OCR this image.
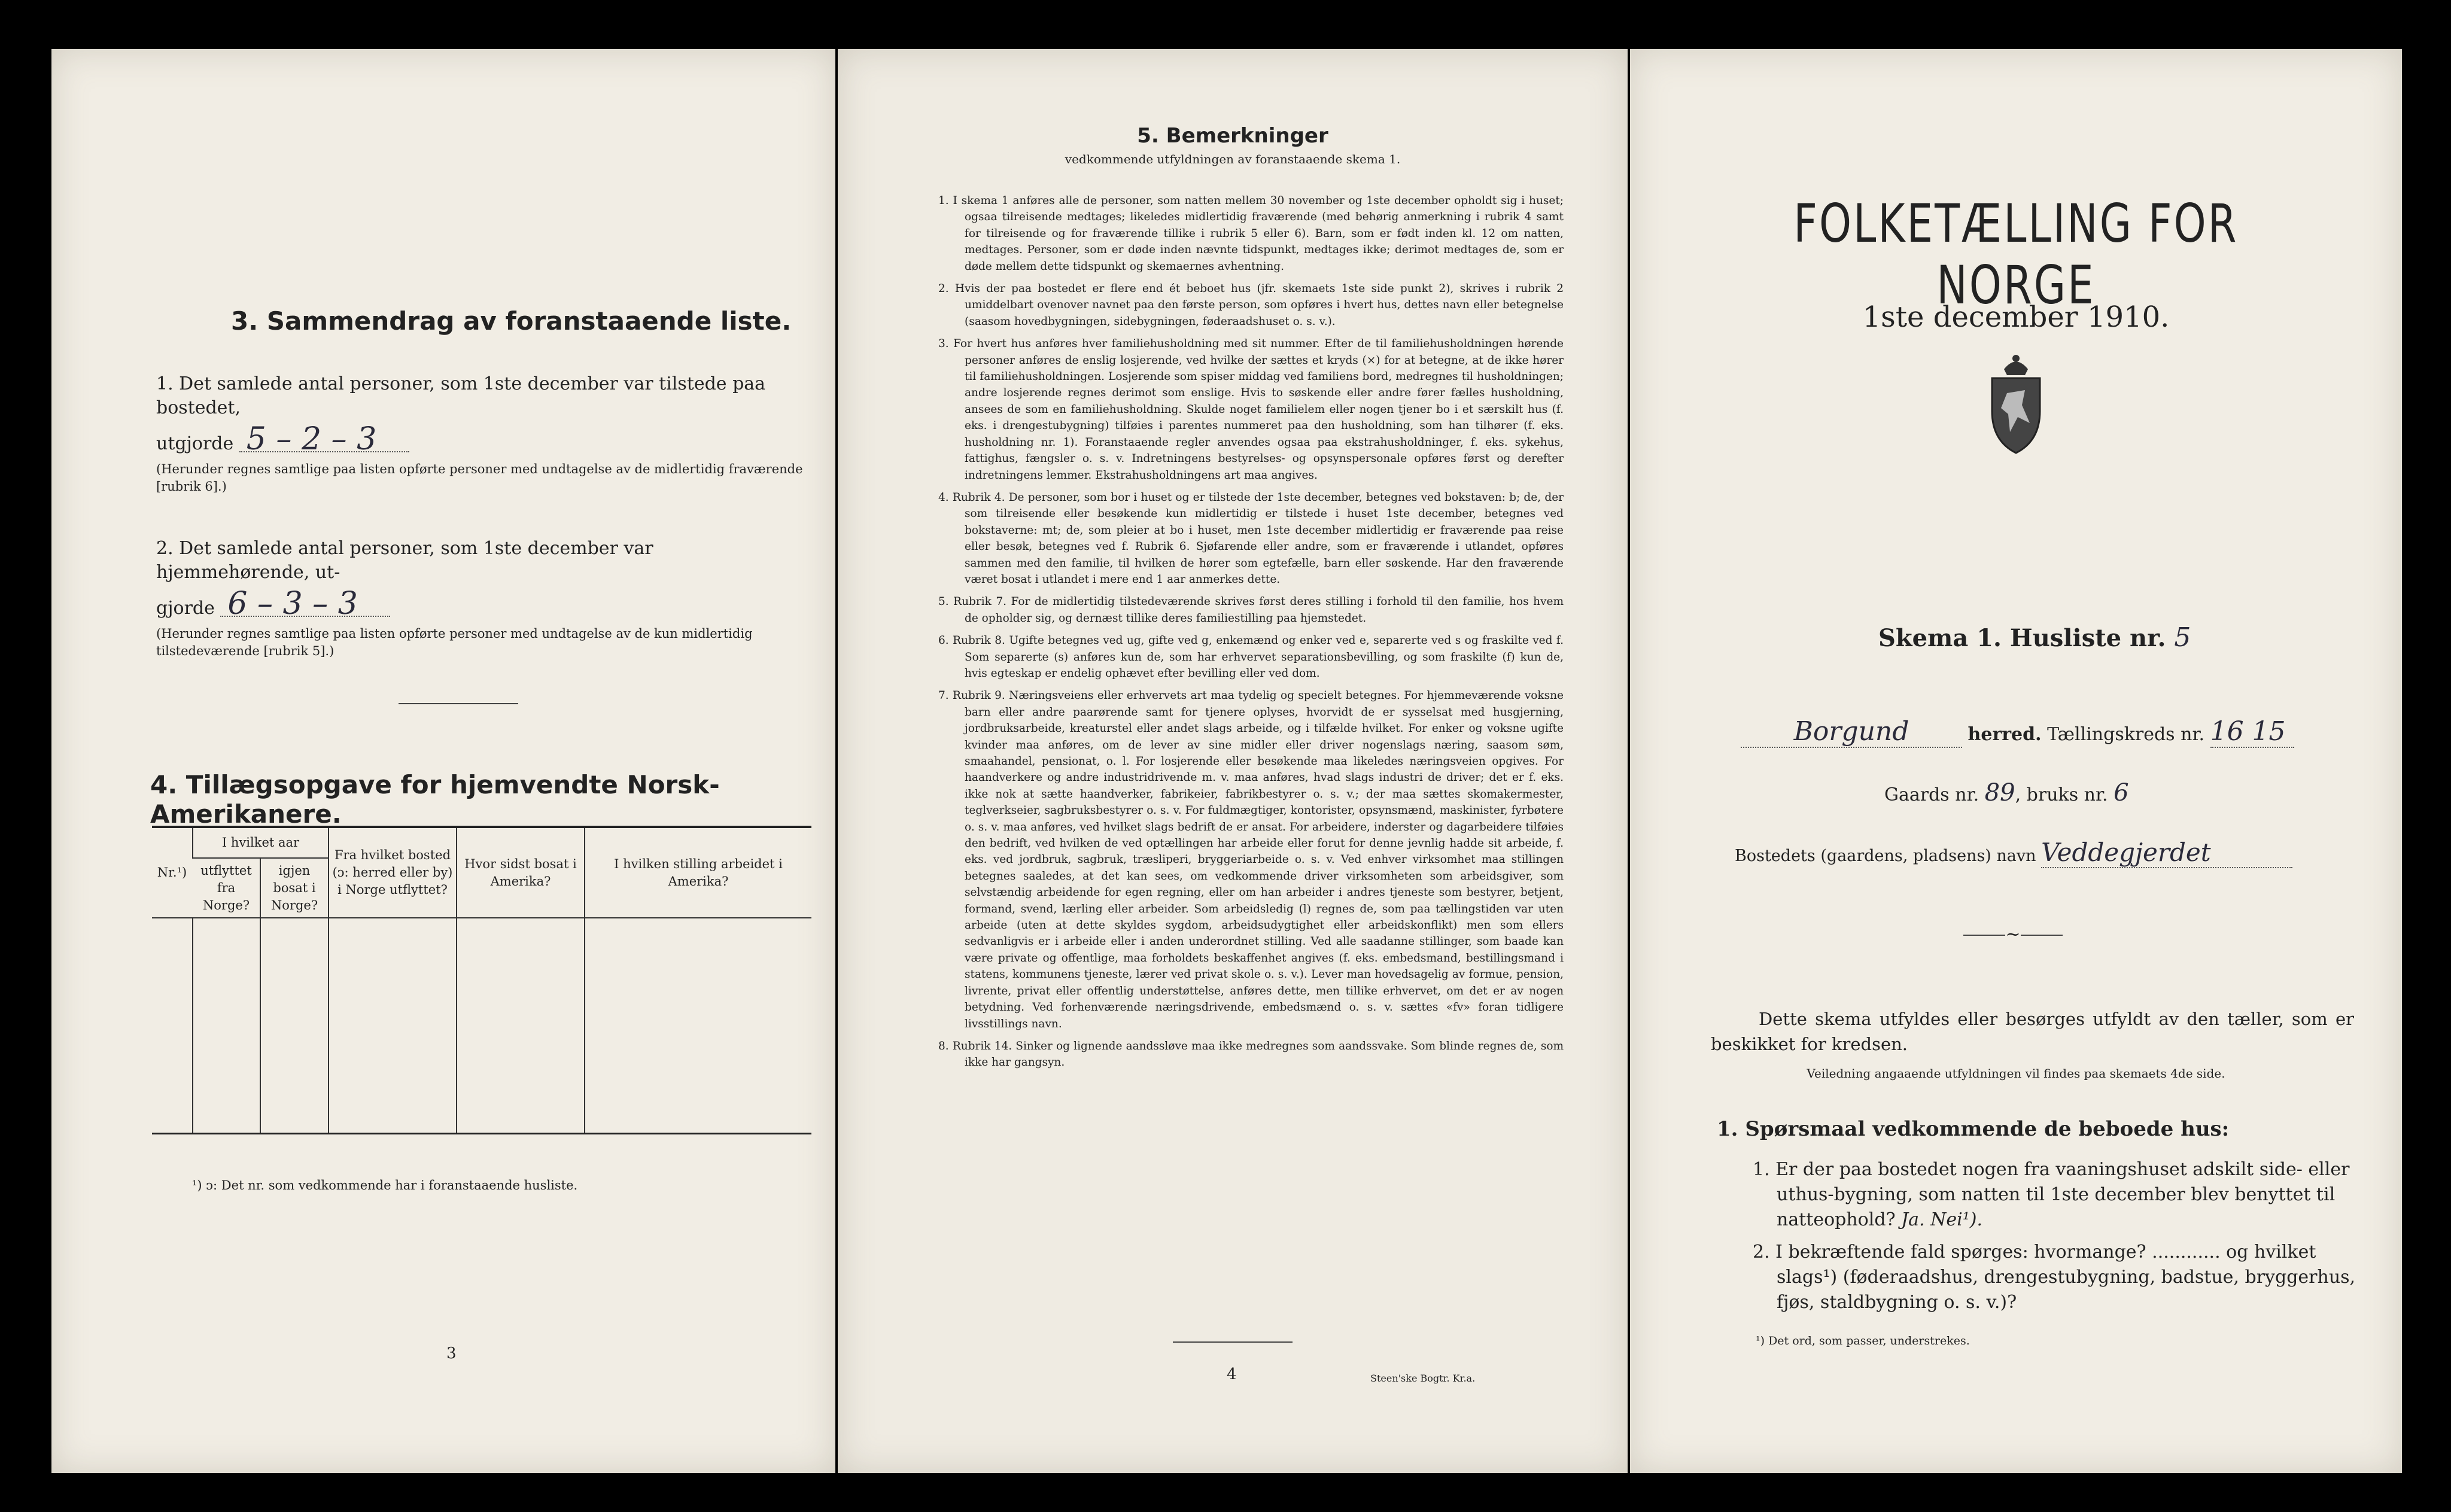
3. Sammendrag av foranstaaende liste.
1. Det samlede antal personer, som 1ste december var tilstede paa bostedet,
utgjorde 5 – 2 – 3
(Herunder regnes samtlige paa listen opførte personer med undtagelse av de midlertidig fraværende [rubrik 6].)
2. Det samlede antal personer, som 1ste december var hjemmehørende, ut-
gjorde 6 – 3 – 3
(Herunder regnes samtlige paa listen opførte personer med undtagelse av de kun midlertidig tilstedeværende [rubrik 5].)
4. Tillægsopgave for hjemvendte Norsk-Amerikanere.
Nr.¹)	I hvilket aar		Fra hvilket bosted (ᴐ: herred eller by) i Norge utflyttet?	Hvor sidst bosat i Amerika?	I hvilken stilling arbeidet i Amerika?
	utflyttet fra Norge?	igjen bosat i Norge?			

¹) ᴐ: Det nr. som vedkommende har i foranstaaende husliste.
3
5. Bemerkninger
vedkommende utfyldningen av foranstaaende skema 1.
1. I skema 1 anføres alle de personer, som natten mellem 30 november og 1ste december opholdt sig i huset; ogsaa tilreisende medtages; likeledes midlertidig fraværende (med behørig anmerkning i rubrik 4 samt for tilreisende og for fraværende tillike i rubrik 5 eller 6). Barn, som er født inden kl. 12 om natten, medtages. Personer, som er døde inden nævnte tidspunkt, medtages ikke; derimot medtages de, som er døde mellem dette tidspunkt og skemaernes avhentning.
2. Hvis der paa bostedet er flere end ét beboet hus (jfr. skemaets 1ste side punkt 2), skrives i rubrik 2 umiddelbart ovenover navnet paa den første person, som opføres i hvert hus, dettes navn eller betegnelse (saasom hovedbygningen, sidebygningen, føderaadshuset o. s. v.).
3. For hvert hus anføres hver familiehusholdning med sit nummer. Efter de til familiehusholdningen hørende personer anføres de enslig losjerende, ved hvilke der sættes et kryds (×) for at betegne, at de ikke hører til familiehusholdningen. Losjerende som spiser middag ved familiens bord, medregnes til husholdningen; andre losjerende regnes derimot som enslige. Hvis to søskende eller andre fører fælles husholdning, ansees de som en familiehusholdning. Skulde noget familielem eller nogen tjener bo i et særskilt hus (f. eks. i drengestubygning) tilføies i parentes nummeret paa den husholdning, som han tilhører (f. eks. husholdning nr. 1). Foranstaaende regler anvendes ogsaa paa ekstrahusholdninger, f. eks. sykehus, fattighus, fængsler o. s. v. Indretningens bestyrelses- og opsynspersonale opføres først og derefter indretningens lemmer. Ekstrahusholdningens art maa angives.
4. Rubrik 4. De personer, som bor i huset og er tilstede der 1ste december, betegnes ved bokstaven: b; de, der som tilreisende eller besøkende kun midlertidig er tilstede i huset 1ste december, betegnes ved bokstaverne: mt; de, som pleier at bo i huset, men 1ste december midlertidig er fraværende paa reise eller besøk, betegnes ved f. Rubrik 6. Sjøfarende eller andre, som er fraværende i utlandet, opføres sammen med den familie, til hvilken de hører som egtefælle, barn eller søskende. Har den fraværende været bosat i utlandet i mere end 1 aar anmerkes dette.
5. Rubrik 7. For de midlertidig tilstedeværende skrives først deres stilling i forhold til den familie, hos hvem de opholder sig, og dernæst tillike deres familiestilling paa hjemstedet.
6. Rubrik 8. Ugifte betegnes ved ug, gifte ved g, enkemænd og enker ved e, separerte ved s og fraskilte ved f. Som separerte (s) anføres kun de, som har erhvervet separationsbevilling, og som fraskilte (f) kun de, hvis egteskap er endelig ophævet efter bevilling eller ved dom.
7. Rubrik 9. Næringsveiens eller erhvervets art maa tydelig og specielt betegnes. For hjemmeværende voksne barn eller andre paarørende samt for tjenere oplyses, hvorvidt de er sysselsat med husgjerning, jordbruksarbeide, kreaturstel eller andet slags arbeide, og i tilfælde hvilket. For enker og voksne ugifte kvinder maa anføres, om de lever av sine midler eller driver nogenslags næring, saasom søm, smaahandel, pensionat, o. l. For losjerende eller besøkende maa likeledes næringsveien opgives. For haandverkere og andre industridrivende m. v. maa anføres, hvad slags industri de driver; det er f. eks. ikke nok at sætte haandverker, fabrikeier, fabrikbestyrer o. s. v.; der maa sættes skomakermester, teglverkseier, sagbruksbestyrer o. s. v. For fuldmægtiger, kontorister, opsynsmænd, maskinister, fyrbøtere o. s. v. maa anføres, ved hvilket slags bedrift de er ansat. For arbeidere, inderster og dagarbeidere tilføies den bedrift, ved hvilken de ved optællingen har arbeide eller forut for denne jevnlig hadde sit arbeide, f. eks. ved jordbruk, sagbruk, træsliperi, bryggeriarbeide o. s. v. Ved enhver virksomhet maa stillingen betegnes saaledes, at det kan sees, om vedkommende driver virksomheten som arbeidsgiver, som selvstændig arbeidende for egen regning, eller om han arbeider i andres tjeneste som bestyrer, betjent, formand, svend, lærling eller arbeider. Som arbeidsledig (l) regnes de, som paa tællingstiden var uten arbeide (uten at dette skyldes sygdom, arbeidsudygtighet eller arbeidskonflikt) men som ellers sedvanligvis er i arbeide eller i anden underordnet stilling. Ved alle saadanne stillinger, som baade kan være private og offentlige, maa forholdets beskaffenhet angives (f. eks. embedsmand, bestillingsmand i statens, kommunens tjeneste, lærer ved privat skole o. s. v.). Lever man hovedsagelig av formue, pension, livrente, privat eller offentlig understøttelse, anføres dette, men tillike erhvervet, om det er av nogen betydning. Ved forhenværende næringsdrivende, embedsmænd o. s. v. sættes «fv» foran tidligere livsstillings navn.
8. Rubrik 14. Sinker og lignende aandssløve maa ikke medregnes som aandssvake. Som blinde regnes de, som ikke har gangsyn.
4	Steen'ske Bogtr. Kr.a.
FOLKETÆLLING FOR NORGE
1ste december 1910.
Skema 1. Husliste nr. 5
Borgund	herred. Tællingskreds nr. 16 15
Gaards nr. 89, bruks nr. 6
Bostedets (gaardens, pladsens) navn Veddegjerdet
~
Dette skema utfyldes eller besørges utfyldt av den tæller, som er beskikket for kredsen.
Veiledning angaaende utfyldningen vil findes paa skemaets 4de side.
1. Spørsmaal vedkommende de beboede hus:
1. Er der paa bostedet nogen fra vaaningshuset adskilt side- eller uthus-bygning, som natten til 1ste december blev benyttet til natteophold? Ja. Nei¹).
2. I bekræftende fald spørges: hvormange? ............ og hvilket slags¹) (føderaadshus, drengestubygning, badstue, bryggerhus, fjøs, staldbygning o. s. v.)?
¹) Det ord, som passer, understrekes.
